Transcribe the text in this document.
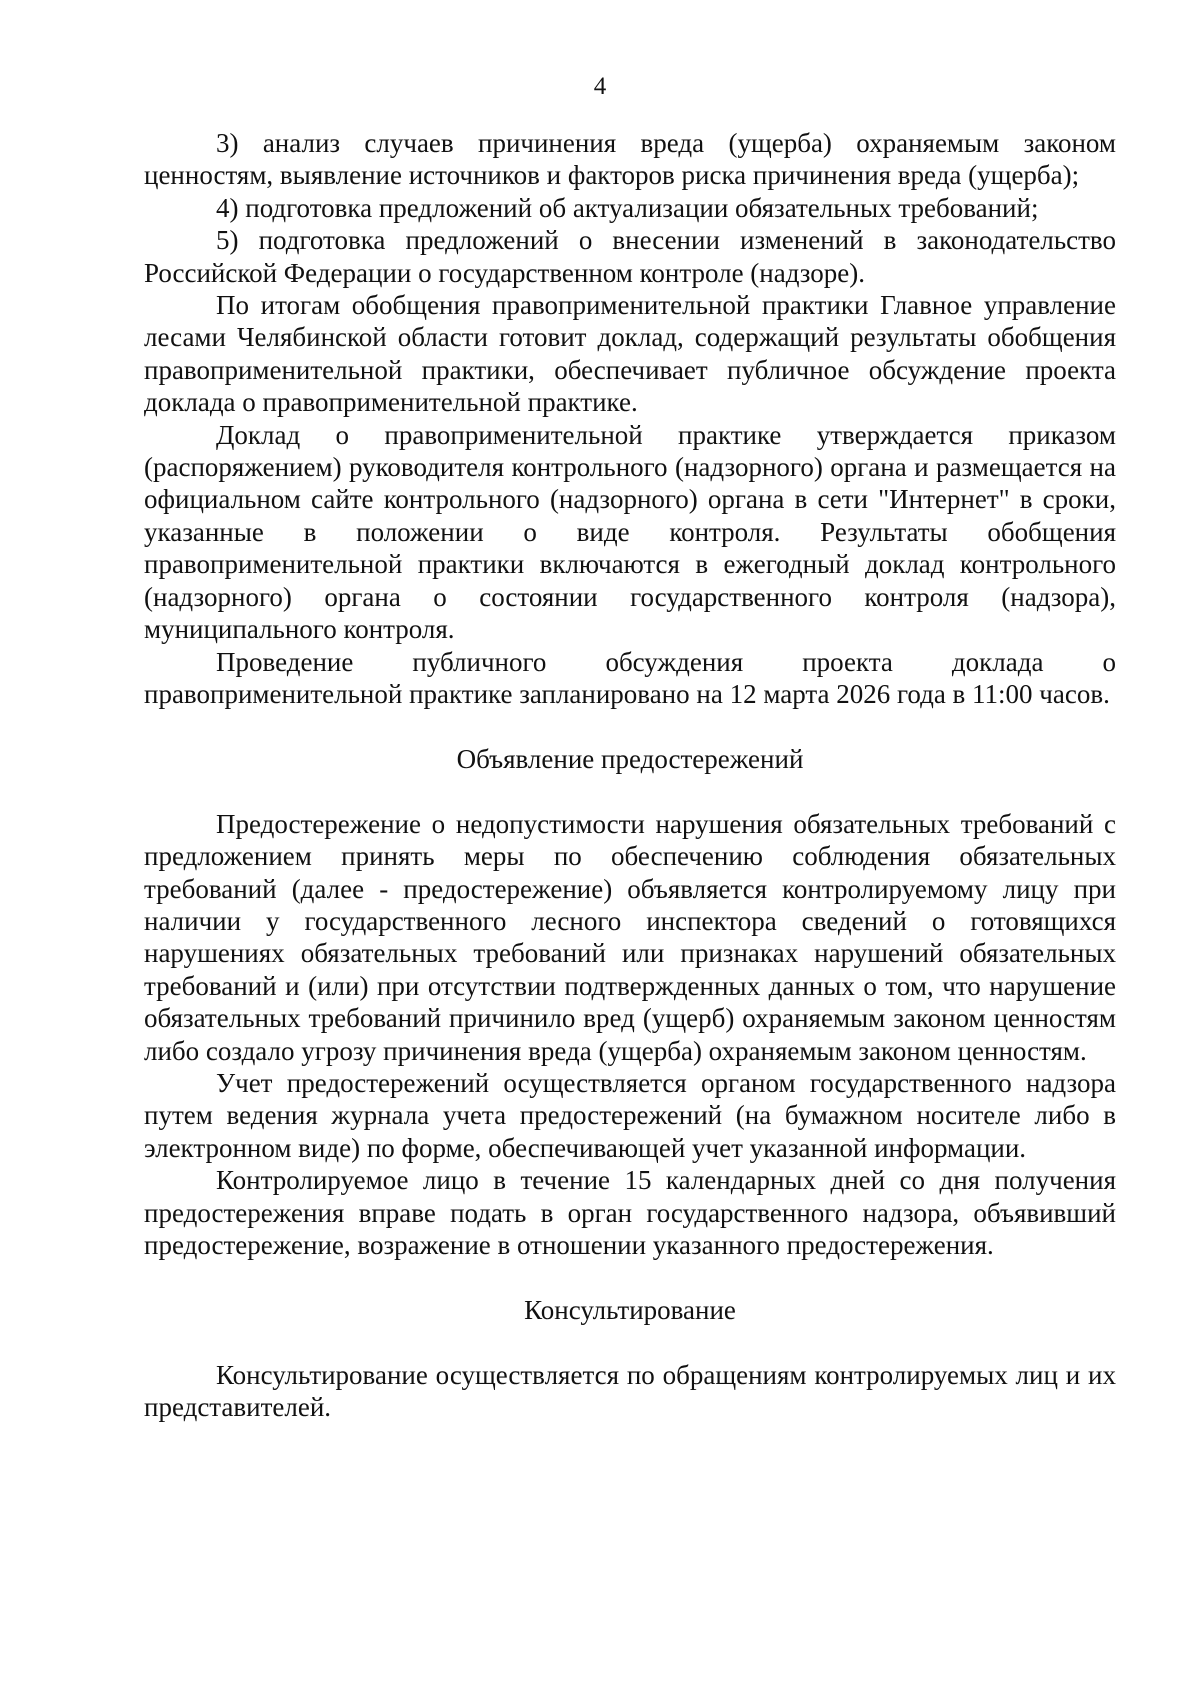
4

3) анализ случаев причинения вреда (ущерба) охраняемым законом ценностям, выявление источников и факторов риска причинения вреда (ущерба);

4) подготовка предложений об актуализации обязательных требований;

5) подготовка предложений о внесении изменений в законодательство Российской Федерации о государственном контроле (надзоре).

По итогам обобщения правоприменительной практики Главное управление лесами Челябинской области готовит доклад, содержащий результаты обобщения правоприменительной практики, обеспечивает публичное обсуждение проекта доклада о правоприменительной практике.

Доклад о правоприменительной практике утверждается приказом (распоряжением) руководителя контрольного (надзорного) органа и размещается на официальном сайте контрольного (надзорного) органа в сети "Интернет" в сроки, указанные в положении о виде контроля. Результаты обобщения правоприменительной практики включаются в ежегодный доклад контрольного (надзорного) органа о состоянии государственного контроля (надзора), муниципального контроля.

Проведение публичного обсуждения проекта доклада о правоприменительной практике запланировано на 12 марта 2026 года в 11:00 часов.

Объявление предостережений

Предостережение о недопустимости нарушения обязательных требований с предложением принять меры по обеспечению соблюдения обязательных требований (далее - предостережение) объявляется контролируемому лицу при наличии у государственного лесного инспектора сведений о готовящихся нарушениях обязательных требований или признаках нарушений обязательных требований и (или) при отсутствии подтвержденных данных о том, что нарушение обязательных требований причинило вред (ущерб) охраняемым законом ценностям либо создало угрозу причинения вреда (ущерба) охраняемым законом ценностям.

Учет предостережений осуществляется органом государственного надзора путем ведения журнала учета предостережений (на бумажном носителе либо в электронном виде) по форме, обеспечивающей учет указанной информации.

Контролируемое лицо в течение 15 календарных дней со дня получения предостережения вправе подать в орган государственного надзора, объявивший предостережение, возражение в отношении указанного предостережения.

Консультирование

Консультирование осуществляется по обращениям контролируемых лиц и их представителей.
